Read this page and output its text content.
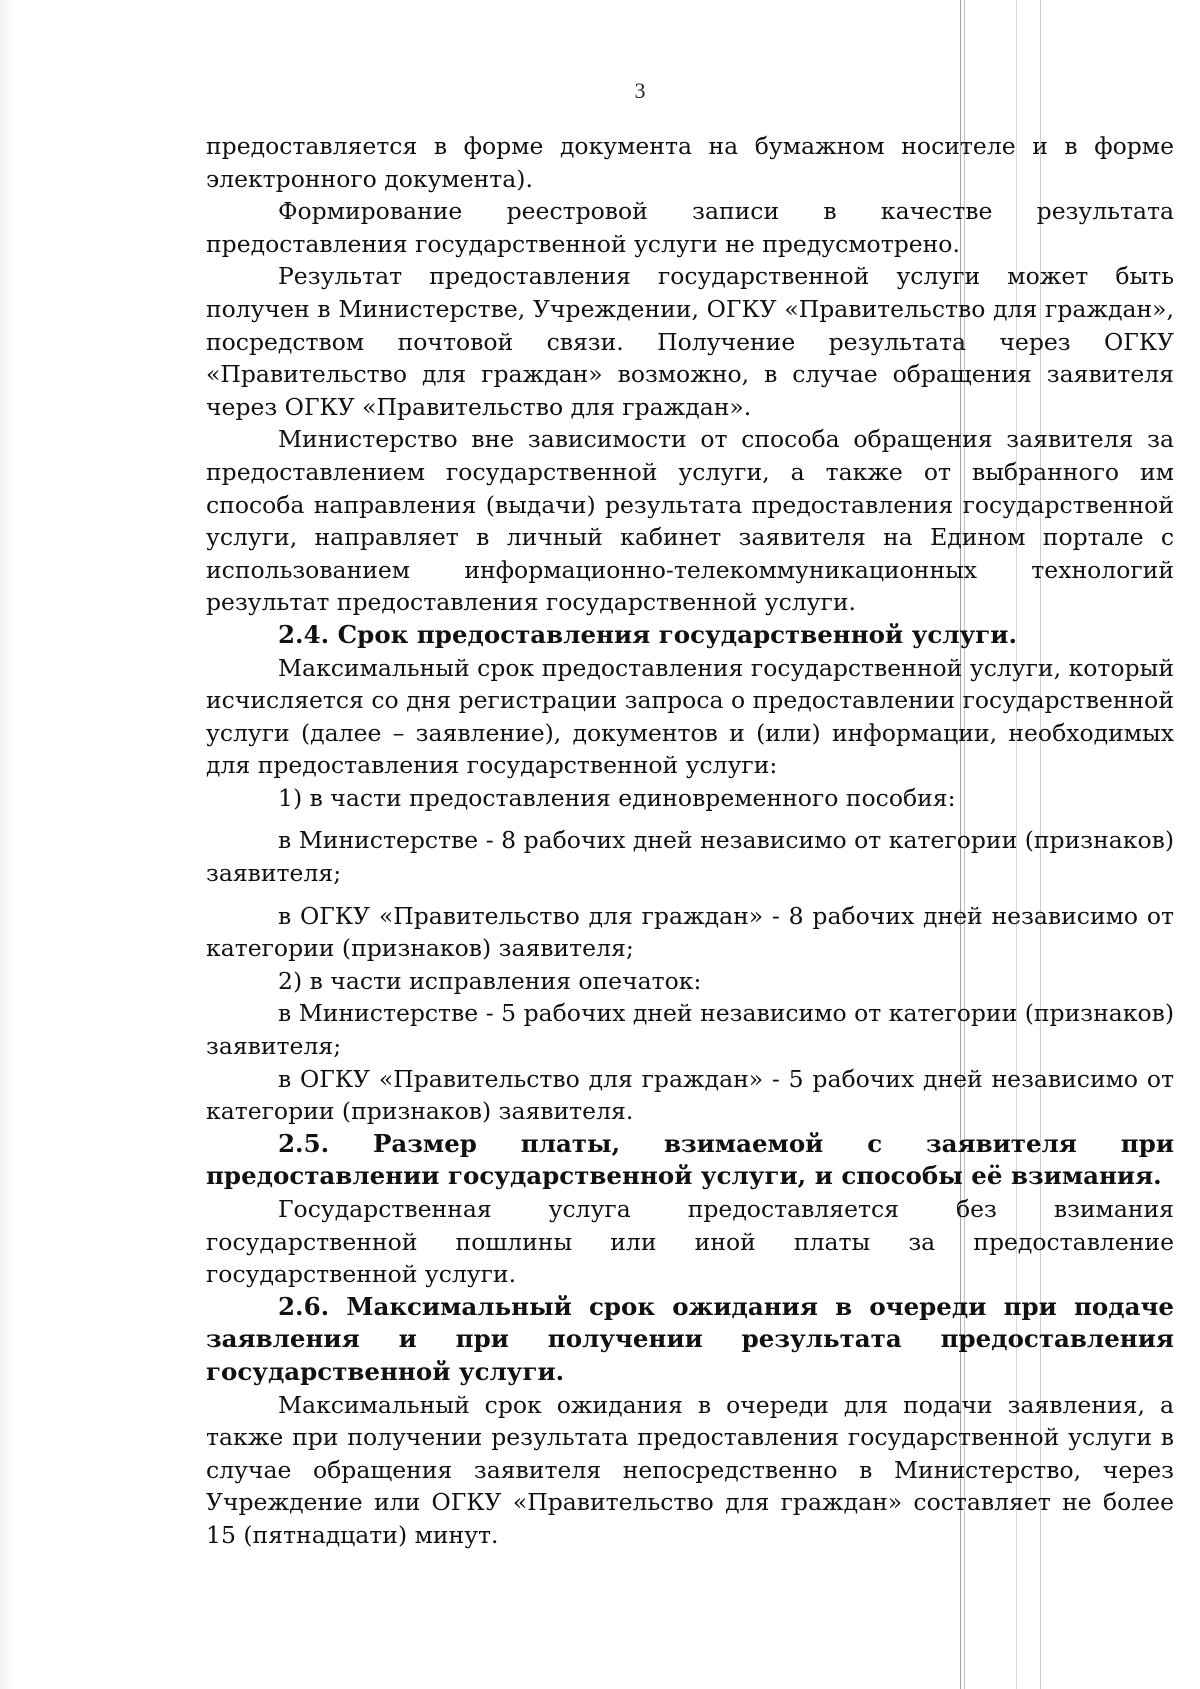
3

предоставляется в форме документа на бумажном носителе и в форме электронного документа).

Формирование реестровой записи в качестве результата предоставления государственной услуги не предусмотрено.

Результат предоставления государственной услуги может быть получен в Министерстве, Учреждении, ОГКУ «Правительство для граждан», посредством почтовой связи. Получение результата через ОГКУ «Правительство для граждан» возможно, в случае обращения заявителя через ОГКУ «Правительство для граждан».

Министерство вне зависимости от способа обращения заявителя за предоставлением государственной услуги, а также от выбранного им способа направления (выдачи) результата предоставления государственной услуги, направляет в личный кабинет заявителя на Едином портале с использованием информационно-телекоммуникационных технологий результат предоставления государственной услуги.

2.4. Срок предоставления государственной услуги.

Максимальный срок предоставления государственной услуги, который исчисляется со дня регистрации запроса о предоставлении государственной услуги (далее – заявление), документов и (или) информации, необходимых для предоставления государственной услуги:

1) в части предоставления единовременного пособия:

в Министерстве - 8 рабочих дней независимо от категории (признаков) заявителя;

в ОГКУ «Правительство для граждан» - 8 рабочих дней независимо от категории (признаков) заявителя;

2) в части исправления опечаток:

в Министерстве - 5 рабочих дней независимо от категории (признаков) заявителя;

в ОГКУ «Правительство для граждан» - 5 рабочих дней независимо от категории (признаков) заявителя.

2.5. Размер платы, взимаемой с заявителя при предоставлении государственной услуги, и способы её взимания.

Государственная услуга предоставляется без взимания государственной пошлины или иной платы за предоставление государственной услуги.

2.6. Максимальный срок ожидания в очереди при подаче заявления и при получении результата предоставления государственной услуги.

Максимальный срок ожидания в очереди для подачи заявления, а также при получении результата предоставления государственной услуги в случае обращения заявителя непосредственно в Министерство, через Учреждение или ОГКУ «Правительство для граждан» составляет не более 15 (пятнадцати) минут.
